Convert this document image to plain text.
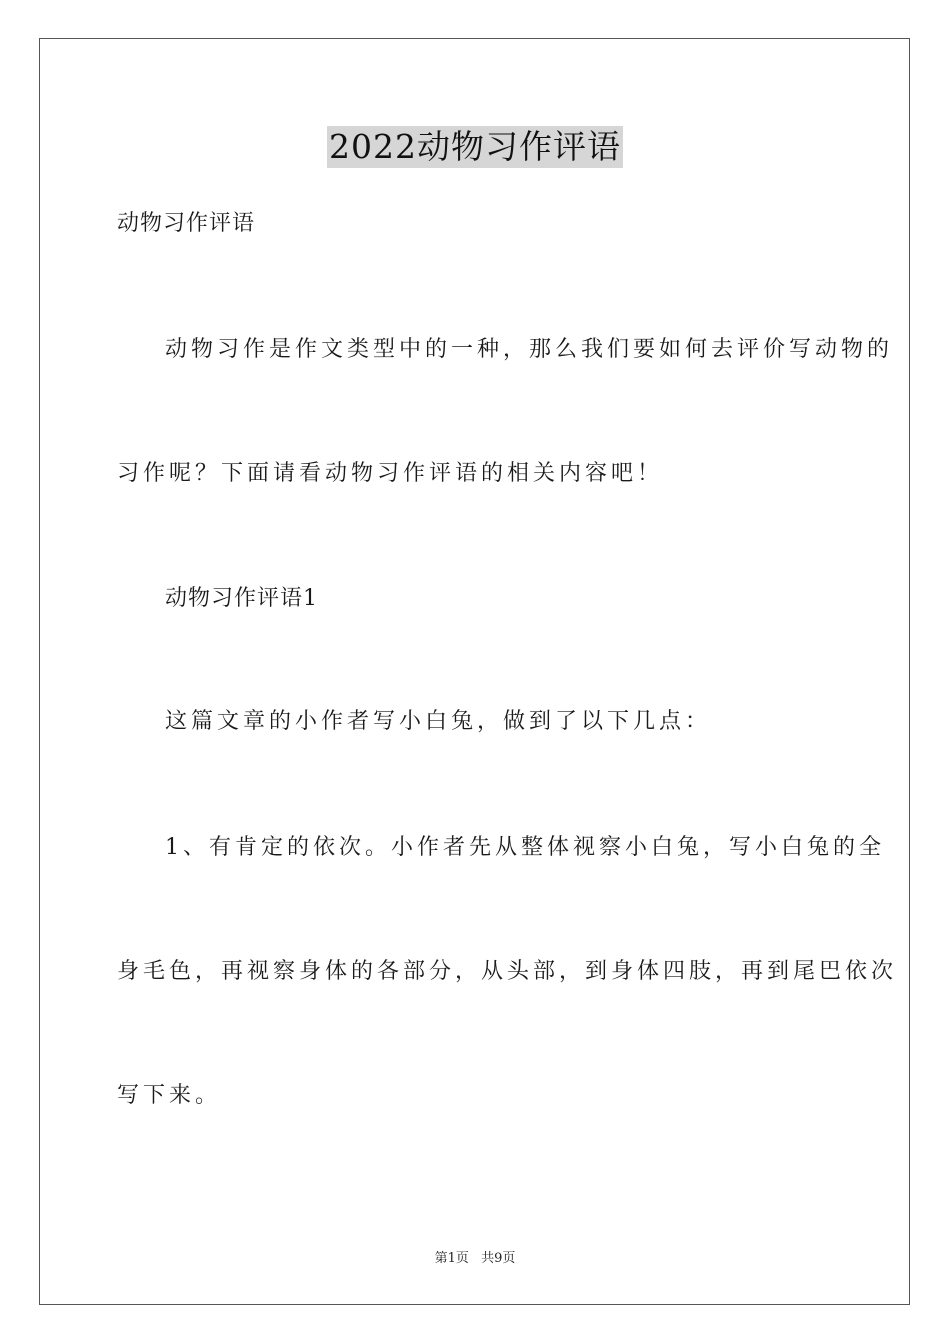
2022动物习作评语
动物习作评语
动物习作是作文类型中的一种，那么我们要如何去评价写动物的
习作呢？下面请看动物习作评语的相关内容吧！
动物习作评语1
这篇文章的小作者写小白兔，做到了以下几点：
1、有肯定的依次。小作者先从整体视察小白兔，写小白兔的全
身毛色，再视察身体的各部分，从头部，到身体四肢，再到尾巴依次
写下来。
第1页 共9页
